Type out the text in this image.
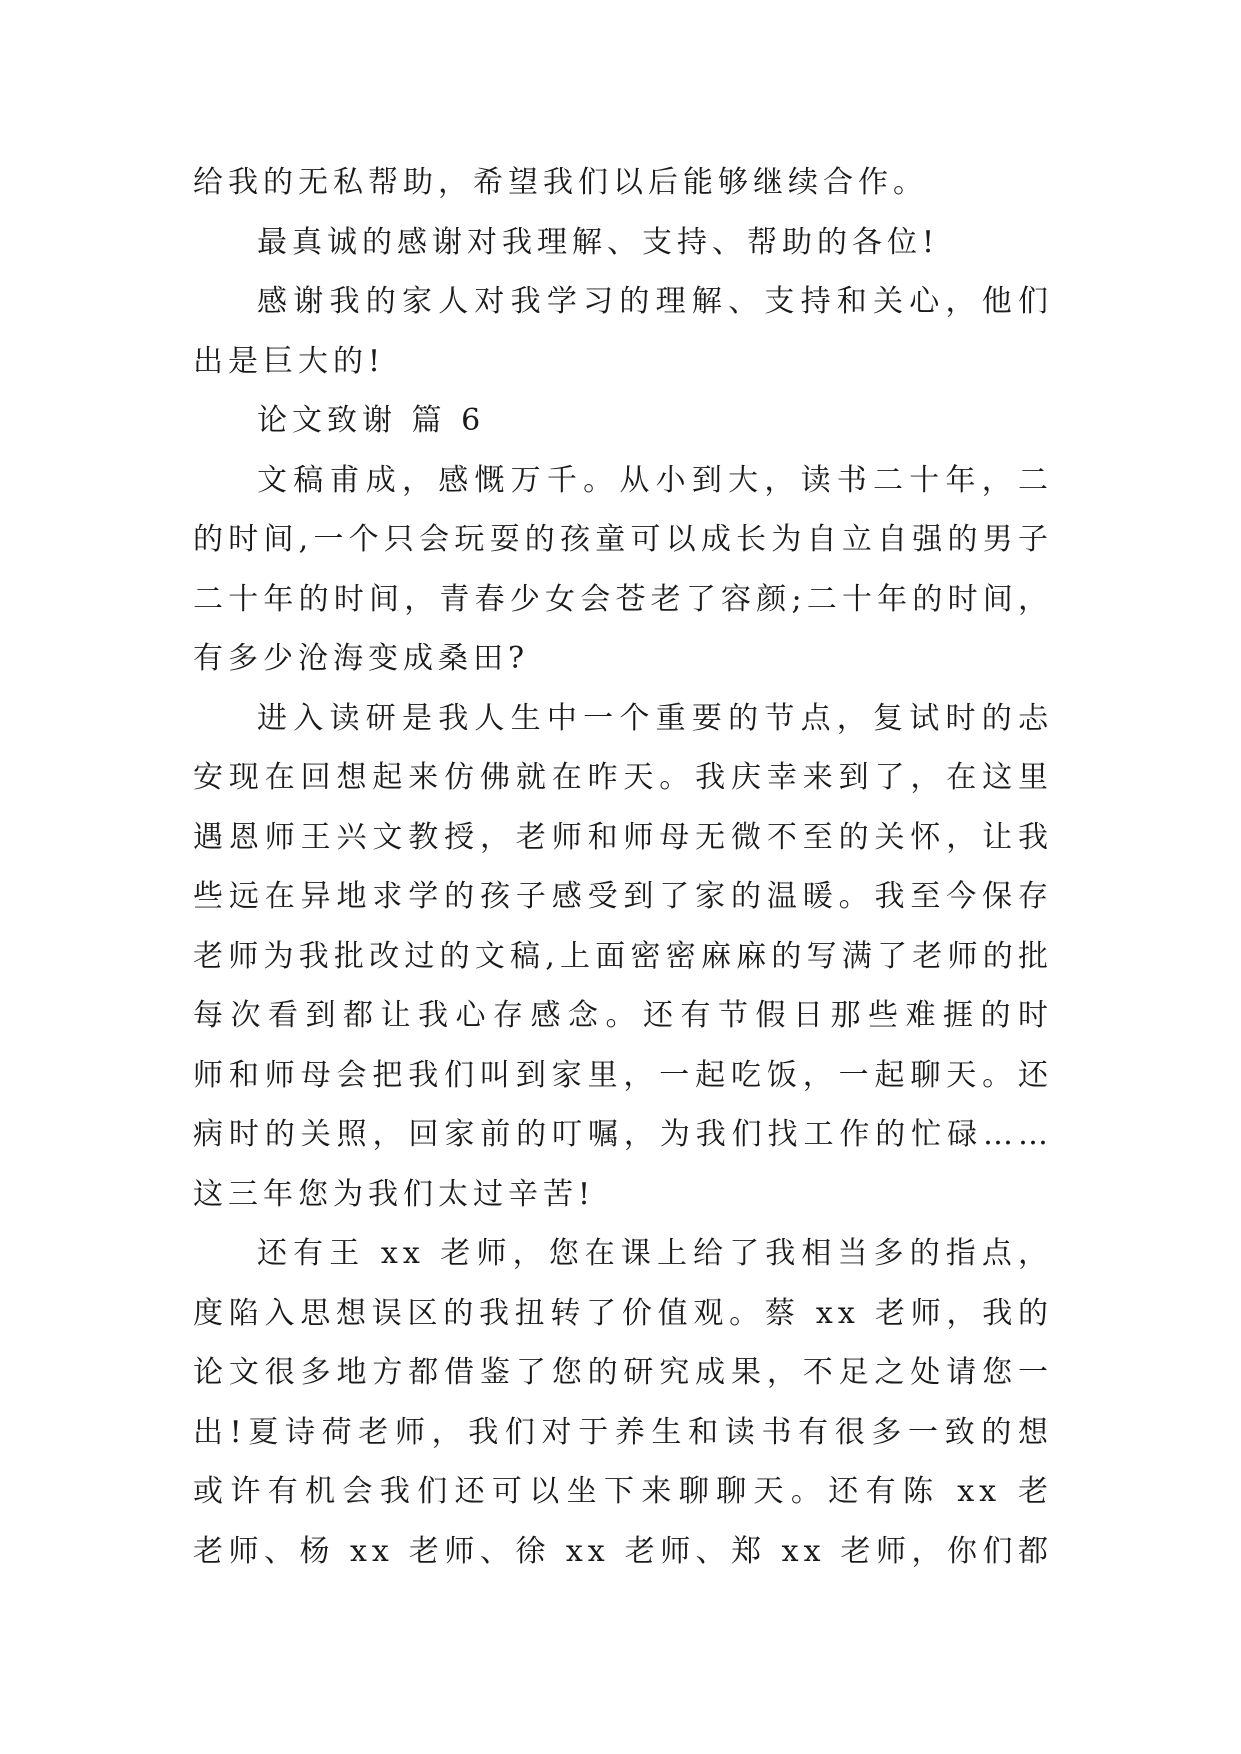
给我的无私帮助，希望我们以后能够继续合作。
最真诚的感谢对我理解、支持、帮助的各位!
感谢我的家人对我学习的理解、支持和关心，他们
出是巨大的!
论文致谢 篇 6
文稿甫成，感慨万千。从小到大，读书二十年，二
的时间,一个只会玩耍的孩童可以成长为自立自强的男子
二十年的时间，青春少女会苍老了容颜;二十年的时间，
有多少沧海变成桑田?
进入读研是我人生中一个重要的节点，复试时的忐
安现在回想起来仿佛就在昨天。我庆幸来到了，在这里
遇恩师王兴文教授，老师和师母无微不至的关怀，让我
些远在异地求学的孩子感受到了家的温暖。我至今保存
老师为我批改过的文稿,上面密密麻麻的写满了老师的批
每次看到都让我心存感念。还有节假日那些难捱的时
师和师母会把我们叫到家里，一起吃饭，一起聊天。还
病时的关照，回家前的叮嘱，为我们找工作的忙碌……
这三年您为我们太过辛苦!
还有王 xx 老师，您在课上给了我相当多的指点，
度陷入思想误区的我扭转了价值观。蔡 xx 老师，我的
论文很多地方都借鉴了您的研究成果，不足之处请您一
出!夏诗荷老师，我们对于养生和读书有很多一致的想
或许有机会我们还可以坐下来聊聊天。还有陈 xx 老
老师、杨 xx 老师、徐 xx 老师、郑 xx 老师，你们都
